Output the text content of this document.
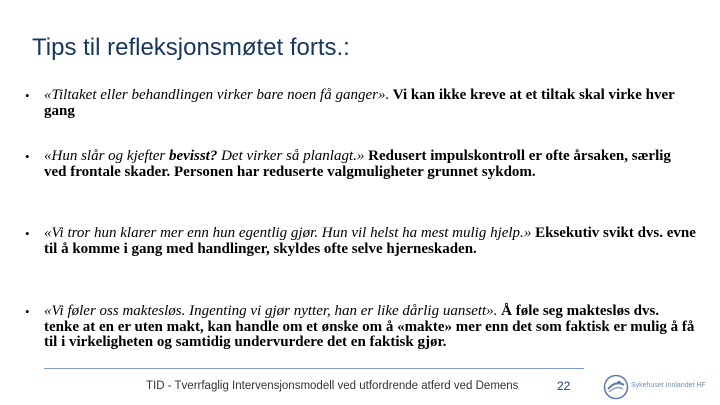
Tips til refleksjonsmøtet forts.:
• «Tiltaket eller behandlingen virker bare noen få ganger». Vi kan ikke kreve at et tiltak skal virke hver gang
• «Hun slår og kjefter bevisst? Det virker så planlagt.» Redusert impulskontroll er ofte årsaken, særlig ved frontale skader. Personen har reduserte valgmuligheter grunnet sykdom.
• «Vi tror hun klarer mer enn hun egentlig gjør. Hun vil helst ha mest mulig hjelp.» Eksekutiv svikt dvs. evne til å komme i gang med handlinger, skyldes ofte selve hjerneskaden.
• «Vi føler oss maktesløs. Ingenting vi gjør nytter, han er like dårlig uansett». Å føle seg maktesløs dvs. tenke at en er uten makt, kan handle om et ønske om å «makte» mer enn det som faktisk er mulig å få til i virkeligheten og samtidig undervurdere det en faktisk gjør.
TID - Tverrfaglig Intervensjonsmodell ved utfordrende atferd ved Demens	22	Sykehuset Innlandet HF
